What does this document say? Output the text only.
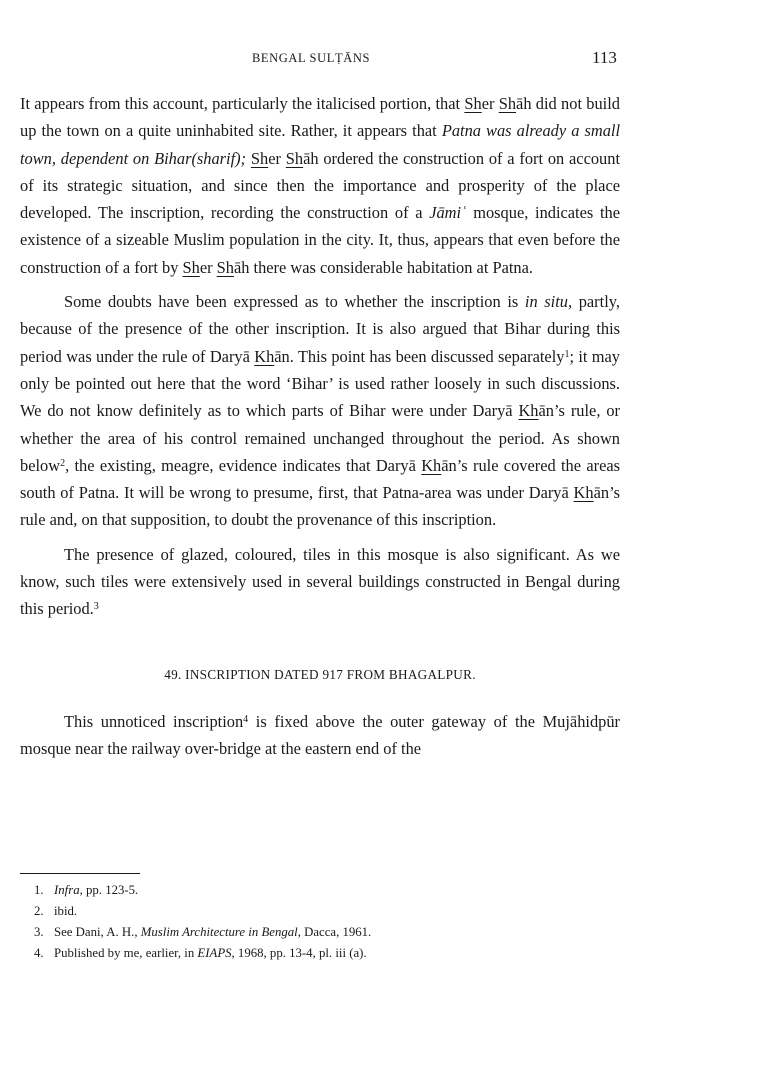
BENGAL SULṬĀNS	113

It appears from this account, particularly the italicised portion, that Sher Shāh did not build up the town on a quite uninhabited site. Rather, it appears that Patna was already a small town, dependent on Bihar(sharif); Sher Shāh ordered the construction of a fort on account of its strategic situation, and since then the importance and prosperity of the place developed. The inscription, recording the construction of a Jāmiʿ mosque, indicates the existence of a sizeable Muslim population in the city. It, thus, appears that even before the construction of a fort by Sher Shāh there was considerable habitation at Patna.

Some doubts have been expressed as to whether the inscription is in situ, partly, because of the presence of the other inscription. It is also argued that Bihar during this period was under the rule of Daryā Khān. This point has been discussed separately$^1$; it may only be pointed out here that the word ‘Bihar’ is used rather loosely in such discussions. We do not know definitely as to which parts of Bihar were under Daryā Khān’s rule, or whether the area of his control remained unchanged throughout the period. As shown below$^2$, the existing, meagre, evidence indicates that Daryā Khān’s rule covered the areas south of Patna. It will be wrong to presume, first, that Patna-area was under Daryā Khān’s rule and, on that supposition, to doubt the provenance of this inscription.

The presence of glazed, coloured, tiles in this mosque is also significant. As we know, such tiles were extensively used in several buildings constructed in Bengal during this period.$^3$

49. INSCRIPTION DATED 917 FROM BHAGALPUR.

This unnoticed inscription$^4$ is fixed above the outer gateway of the Mujāhidpūr mosque near the railway over-bridge at the eastern end of the

1. Infra, pp. 123-5.
2. ibid.
3. See Dani, A. H., Muslim Architecture in Bengal, Dacca, 1961.
4. Published by me, earlier, in EIAPS, 1968, pp. 13-4, pl. iii (a).
